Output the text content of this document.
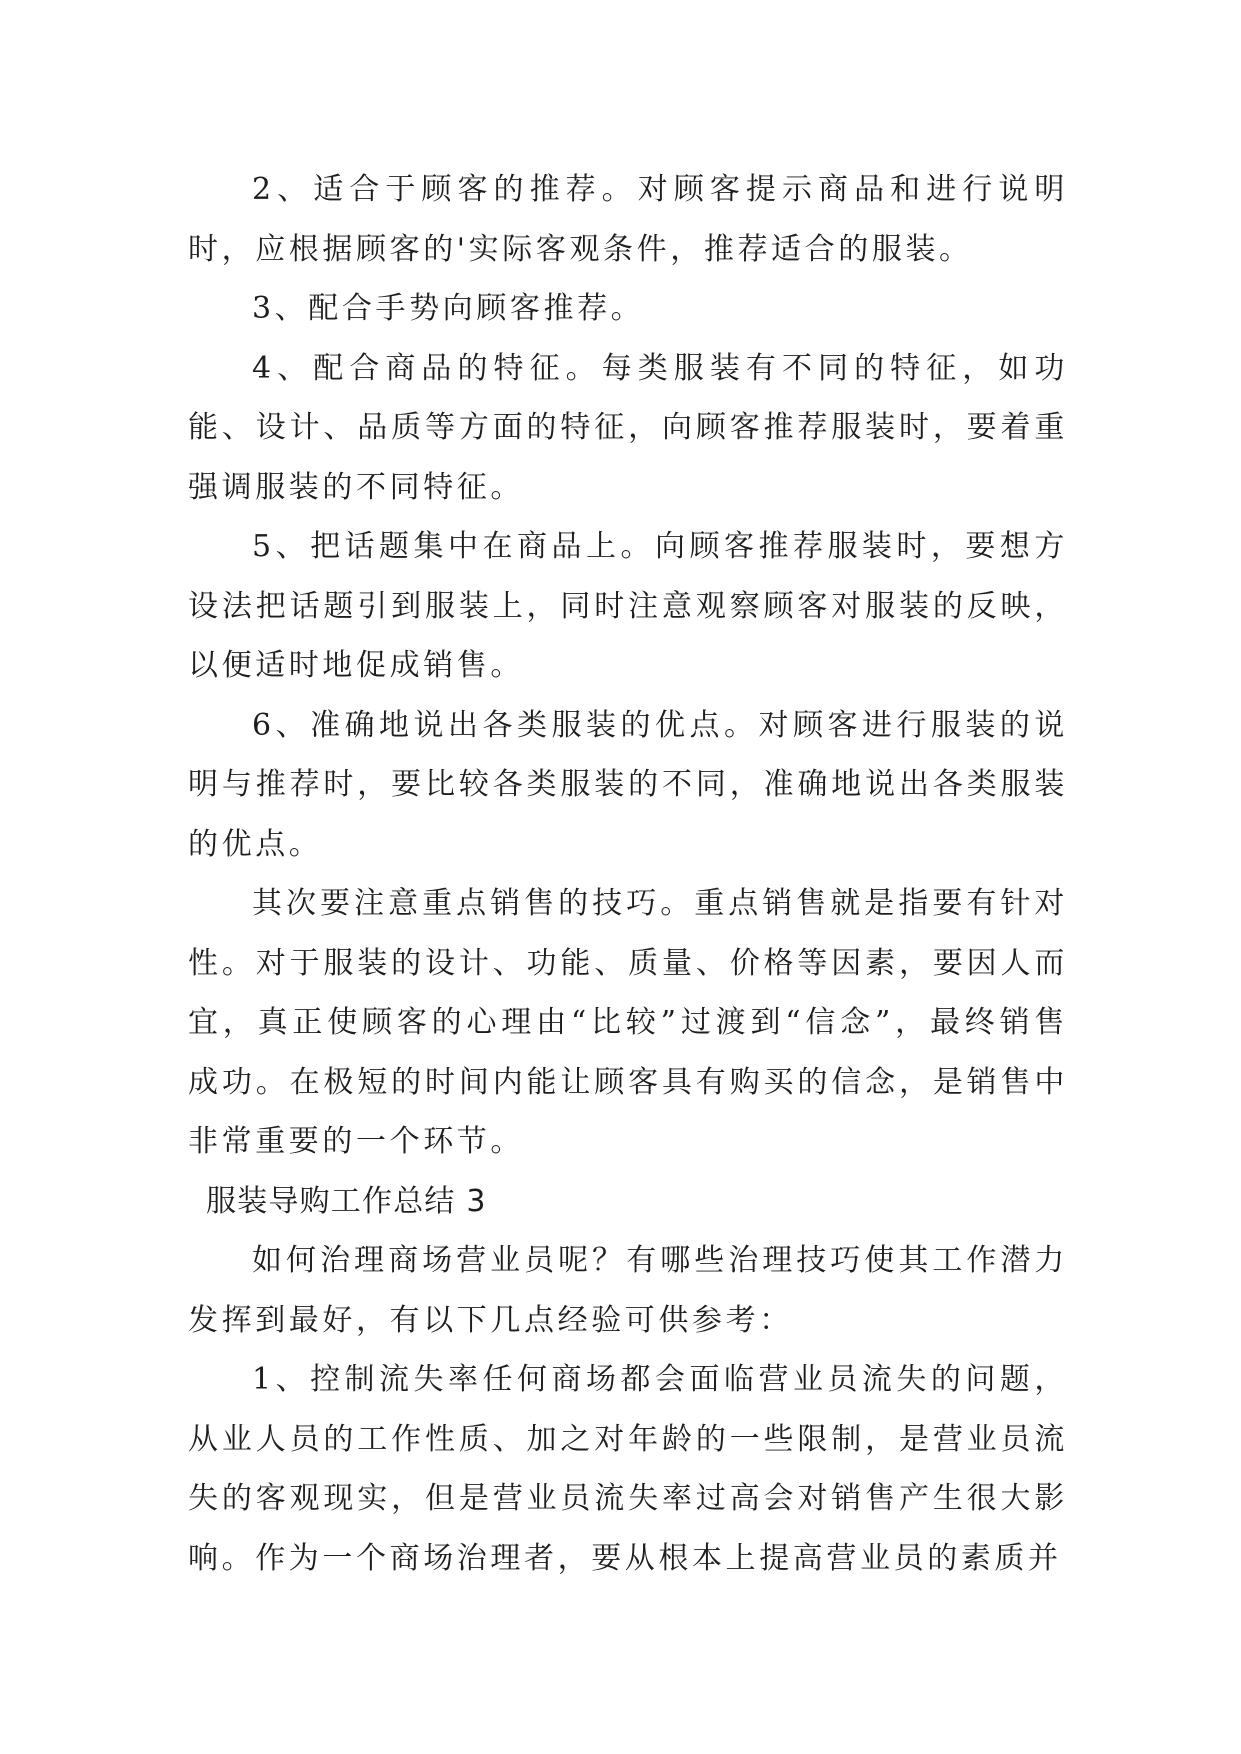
2、适合于顾客的推荐。对顾客提示商品和进行说明时，应根据顾客的'实际客观条件，推荐适合的服装。

3、配合手势向顾客推荐。

4、配合商品的特征。每类服装有不同的特征，如功能、设计、品质等方面的特征，向顾客推荐服装时，要着重强调服装的不同特征。

5、把话题集中在商品上。向顾客推荐服装时，要想方设法把话题引到服装上，同时注意观察顾客对服装的反映，以便适时地促成销售。

6、准确地说出各类服装的优点。对顾客进行服装的说明与推荐时，要比较各类服装的不同，准确地说出各类服装的优点。

其次要注意重点销售的技巧。重点销售就是指要有针对性。对于服装的设计、功能、质量、价格等因素，要因人而宜，真正使顾客的心理由“比较”过渡到“信念”，最终销售成功。在极短的时间内能让顾客具有购买的信念，是销售中非常重要的一个环节。

服装导购工作总结 3

如何治理商场营业员呢？有哪些治理技巧使其工作潜力发挥到最好，有以下几点经验可供参考：

1、控制流失率任何商场都会面临营业员流失的问题，从业人员的工作性质、加之对年龄的一些限制，是营业员流失的客观现实，但是营业员流失率过高会对销售产生很大影响。作为一个商场治理者，要从根本上提高营业员的素质并
